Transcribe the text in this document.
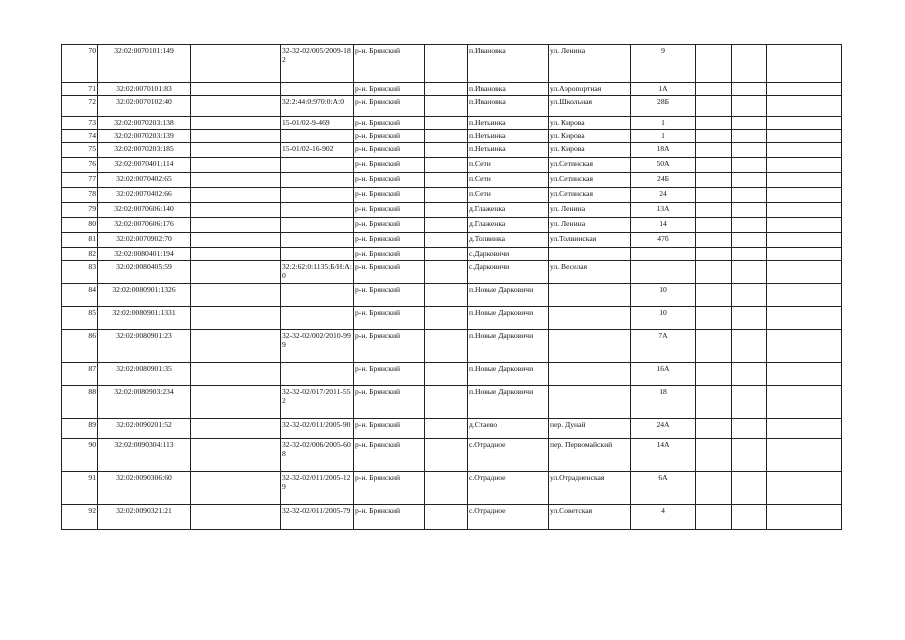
70	32:02:0070101:149		32-32-02/005/2009-182	р-н. Брянский		п.Ивановка	ул. Ленина	9			
71	32:02:0070101:83			р-н. Брянский		п.Ивановка	ул.Аэропортная	1А			
72	32:02:0070102:40		32:2:44:0:970:0:А:0	р-н. Брянский		п.Ивановка	ул.Школьная	28Б			
73	32:02:0070203:138		15-01/02-9-469	р-н. Брянский		п.Нетьинка	ул. Кирова	1			
74	32:02:0070203:139			р-н. Брянский		п.Нетьинка	ул. Кирова	1			
75	32:02:0070203:185		15-01/02-16-902	р-н. Брянский		п.Нетьинка	ул. Кирова	18А			
76	32:02:0070401:114			р-н. Брянский		п.Сети	ул.Сетинская	50А			
77	32:02:0070402:65			р-н. Брянский		п.Сети	ул.Сетинская	24Б			
78	32:02:0070402:66			р-н. Брянский		п.Сети	ул.Сетинская	24			
79	32:02:0070606:140			р-н. Брянский		д.Глаженка	ул. Ленина	13А			
80	32:02:0070606:176			р-н. Брянский		д.Глаженка	ул. Ленина	14			
81	32:02:0070902:70			р-н. Брянский		д.Толвинка	ул.Толвинская	47б			
82	32:02:0080401:194			р-н. Брянский		с.Дарковичи					
83	32:02:0080405:59		32:2:62:0:1135:Б/Н:А:0	р-н. Брянский		с.Дарковичи	ул. Веселая				
84	32:02:0080901:1326			р-н. Брянский		п.Новые Дарковичи		10			
85	32:02:0080901:1331			р-н. Брянский		п.Новые Дарковичи		10			
86	32:02:0080901:23		32-32-02/002/2010-999	р-н. Брянский		п.Новые Дарковичи		7А			
87	32:02:0080901:35			р-н. Брянский		п.Новые Дарковичи		16А			
88	32:02:0080903:234		32-32-02/017/2011-552	р-н. Брянский		п.Новые Дарковичи		18			
89	32:02:0090201:52		32-32-02/011/2005-90	р-н. Брянский		д.Стаево	пер. Дунай	24А			
90	32:02:0090304:113		32-32-02/006/2005-608	р-н. Брянский		с.Отрадное	пер. Первомайский	14А			
91	32:02:0090306:60		32-32-02/011/2005-129	р-н. Брянский		с.Отрадное	ул.Отрадненская	6А			
92	32:02:0090321:21		32-32-02/011/2005-79	р-н. Брянский		с.Отрадное	ул.Советская	4			
